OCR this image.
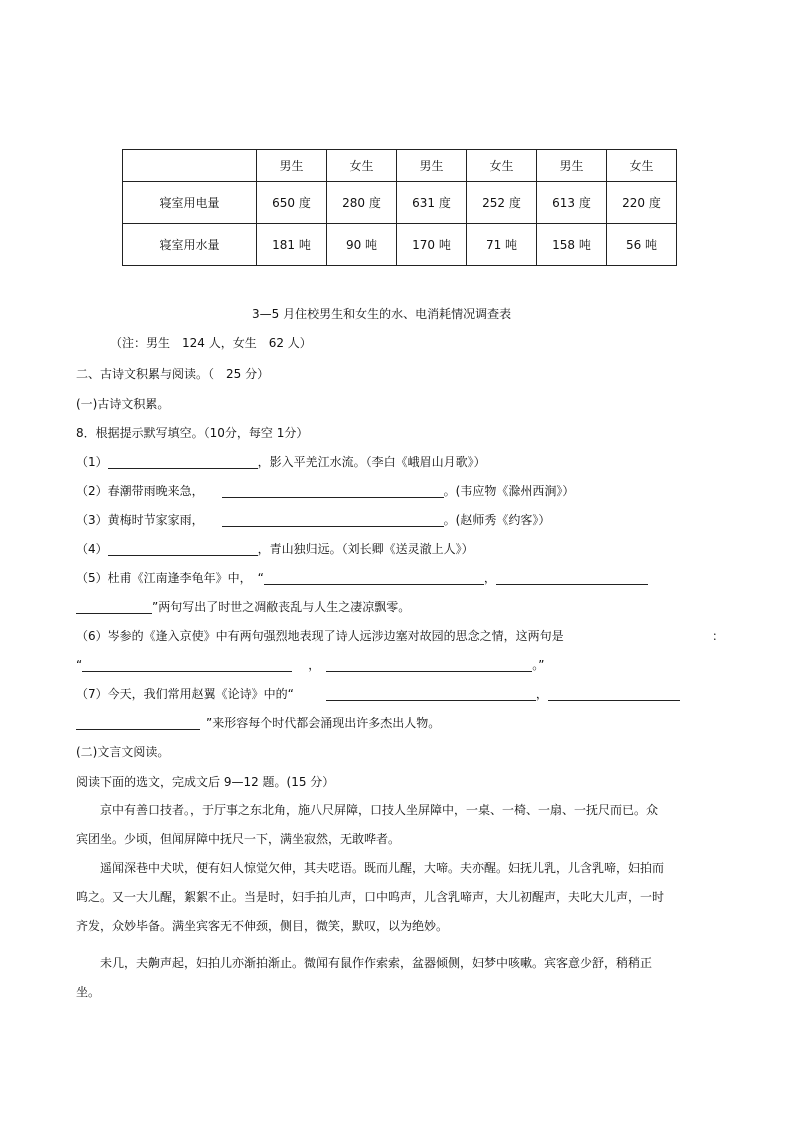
	男生	女生	男生	女生	男生	女生
寝室用电量	650 度	280 度	631 度	252 度	613 度	220 度
寝室用水量	181 吨	90 吨	170 吨	71 吨	158 吨	56 吨
3—5 月住校男生和女生的水、电消耗情况调查表
（注：男生　124 人，女生　62 人）
二、古诗文积累与阅读。（　25 分）
(一)古诗文积累。
8．根据提示默写填空。（10分，每空 1分）
（1）	，影入平羌江水流。（李白《峨眉山月歌》）
（2）春潮带雨晚来急，	。(韦应物《滁州西涧》）
（3）黄梅时节家家雨，	。(赵师秀《约客》）
（4）	，青山独归远。（刘长卿《送灵澈上人》）
（5）杜甫《江南逢李龟年》中，　“	，
”两句写出了时世之凋敝丧乱与人生之凄凉飘零。
（6）岑参的《逢入京使》中有两句强烈地表现了诗人远涉边塞对故园的思念之情，这两句是	：
“	，	。”
（7）今天，我们常用赵翼《论诗》中的“	，
”来形容每个时代都会涌现出许多杰出人物。
(二)文言文阅读。
阅读下面的选文，完成文后 9—12 题。(15 分）
　　京中有善口技者。，于厅事之东北角，施八尺屏障，口技人坐屏障中，一桌、一椅、一扇、一抚尺而已。众宾团坐。少顷，但闻屏障中抚尺一下，满坐寂然，无敢哗者。
　　遥闻深巷中犬吠，便有妇人惊觉欠伸，其夫呓语。既而儿醒，大啼。夫亦醒。妇抚儿乳，儿含乳啼，妇拍而呜之。又一大儿醒，絮絮不止。当是时，妇手拍儿声，口中呜声，儿含乳啼声，大儿初醒声，夫叱大儿声，一时齐发，众妙毕备。满坐宾客无不伸颈，侧目，微笑，默叹，以为绝妙。
　　未几，夫齁声起，妇拍儿亦渐拍渐止。微闻有鼠作作索索，盆器倾侧，妇梦中咳嗽。宾客意少舒，稍稍正坐。
